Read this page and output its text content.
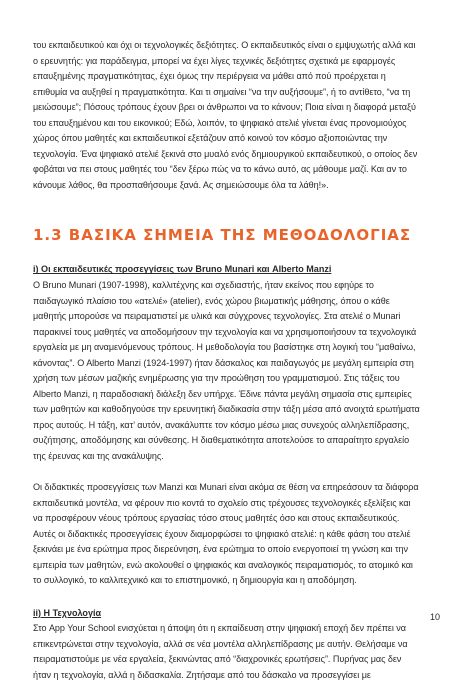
του εκπαιδευτικού και όχι οι τεχνολογικές δεξιότητες. Ο εκπαιδευτικός είναι ο εμψυχωτής αλλά και ο ερευνητής: για παράδειγμα, μπορεί να έχει λίγες τεχνικές δεξιότητες σχετικά με εφαρμογές επαυξημένης πραγματικότητας, έχει όμως την περιέργεια να μάθει από πού προέρχεται η επιθυμία να αυξηθεί η πραγματικότητα. Και τι σημαίνει “να την αυξήσουμε”, ή το αντίθετο, “να τη μειώσουμε”; Πόσους τρόπους έχουν βρει οι άνθρωποι να το κάνουν; Ποια είναι η διαφορά μεταξύ του επαυξημένου και του εικονικού; Εδώ, λοιπόν, το ψηφιακό ατελιέ γίνεται ένας προνομιούχος χώρος όπου μαθητές και εκπαιδευτικοί εξετάζουν από κοινού τον κόσμο αξιοποιώντας την τεχνολογία. Ένα ψηφιακό ατελιέ ξεκινά στο μυαλό ενός δημιουργικού εκπαιδευτικού, ο οποίος δεν φοβάται να πει στους μαθητές του “δεν ξέρω πώς να το κάνω αυτό, ας μάθουμε μαζί. Και αν το κάνουμε λάθος, θα προσπαθήσουμε ξανά. Ας σημειώσουμε όλα τα λάθη!».

1.3 ΒΑΣΙΚΑ ΣΗΜΕΙΑ ΤΗΣ ΜΕΘΟΔΟΛΟΓΙΑΣ
i) Οι εκπαιδευτικές προσεγγίσεις των Bruno Munari και Alberto Manzi

O Bruno Munari (1907-1998), καλλιτέχνης και σχεδιαστής, ήταν εκείνος που εφηύρε το παιδαγωγικό πλαίσιο του «ατελιέ» (atelier), ενός χώρου βιωματικής μάθησης, όπου ο κάθε μαθητής μπορούσε να πειραματιστεί με υλικά και σύγχρονες τεχνολογίες. Στα ατελιέ ο Munari παρακινεί τους μαθητές να αποδομήσουν την τεχνολογία και να χρησιμοποιήσουν τα τεχνολογικά εργαλεία με μη αναμενόμενους τρόπους. Η μεθοδολογία του βασίστηκε στη λογική του “μαθαίνω, κάνοντας”. O Alberto Manzi (1924-1997) ήταν δάσκαλος και παιδαγωγός με μεγάλη εμπειρία στη χρήση των μέσων μαζικής ενημέρωσης για την προώθηση του γραμματισμού. Στις τάξεις του Alberto Manzi, η παραδοσιακή διάλεξη δεν υπήρχε. Έδινε πάντα μεγάλη σημασία στις εμπειρίες των μαθητών και καθοδηγούσε την ερευνητική διαδικασία στην τάξη μέσα από ανοιχτά ερωτήματα προς αυτούς. Η τάξη, κατ’ αυτόν, ανακάλυπτε τον κόσμο μέσω μιας συνεχούς αλληλεπίδρασης, συζήτησης, αποδόμησης και σύνθεσης. Η διαθεματικότητα αποτελούσε το απαραίτητο εργαλείο της έρευνας και της ανακάλυψης.

Οι διδακτικές προσεγγίσεις των Manzi και Munari είναι ακόμα σε θέση να επηρεάσουν τα διάφορα εκπαιδευτικά μοντέλα, να φέρουν πιο κοντά το σχολείο στις τρέχουσες τεχνολογικές εξελίξεις και να προσφέρουν νέους τρόπους εργασίας τόσο στους μαθητές όσο και στους εκπαιδευτικούς. Αυτές οι διδακτικές προσεγγίσεις έχουν διαμορφώσει το ψηφιακό ατελιέ: η κάθε φάση του ατελιέ ξεκινάει με ένα ερώτημα προς διερεύνηση, ένα ερώτημα το οποίο ενεργοποιεί τη γνώση και την εμπειρία των μαθητών, ενώ ακολουθεί ο ψηφιακός και αναλογικός πειραματισμός, το ατομικό και το συλλογικό, το καλλιτεχνικό και το επιστημονικό, η δημιουργία και η αποδόμηση.

ii) Η Τεχνολογία

Στο App Your School ενισχύεται η άποψη ότι η εκπαίδευση στην ψηφιακή εποχή δεν πρέπει να επικεντρώνεται στην τεχνολογία, αλλά σε νέα μοντέλα αλληλεπίδρασης με αυτήν. Θελήσαμε να πειραματιστούμε με νέα εργαλεία, ξεκινώντας από “διαχρονικές ερωτήσεις”. Πυρήνας μας δεν ήταν η τεχνολογία, αλλά η διδασκαλία. Ζητήσαμε από του δάσκαλο να προσεγγίσει με

10
